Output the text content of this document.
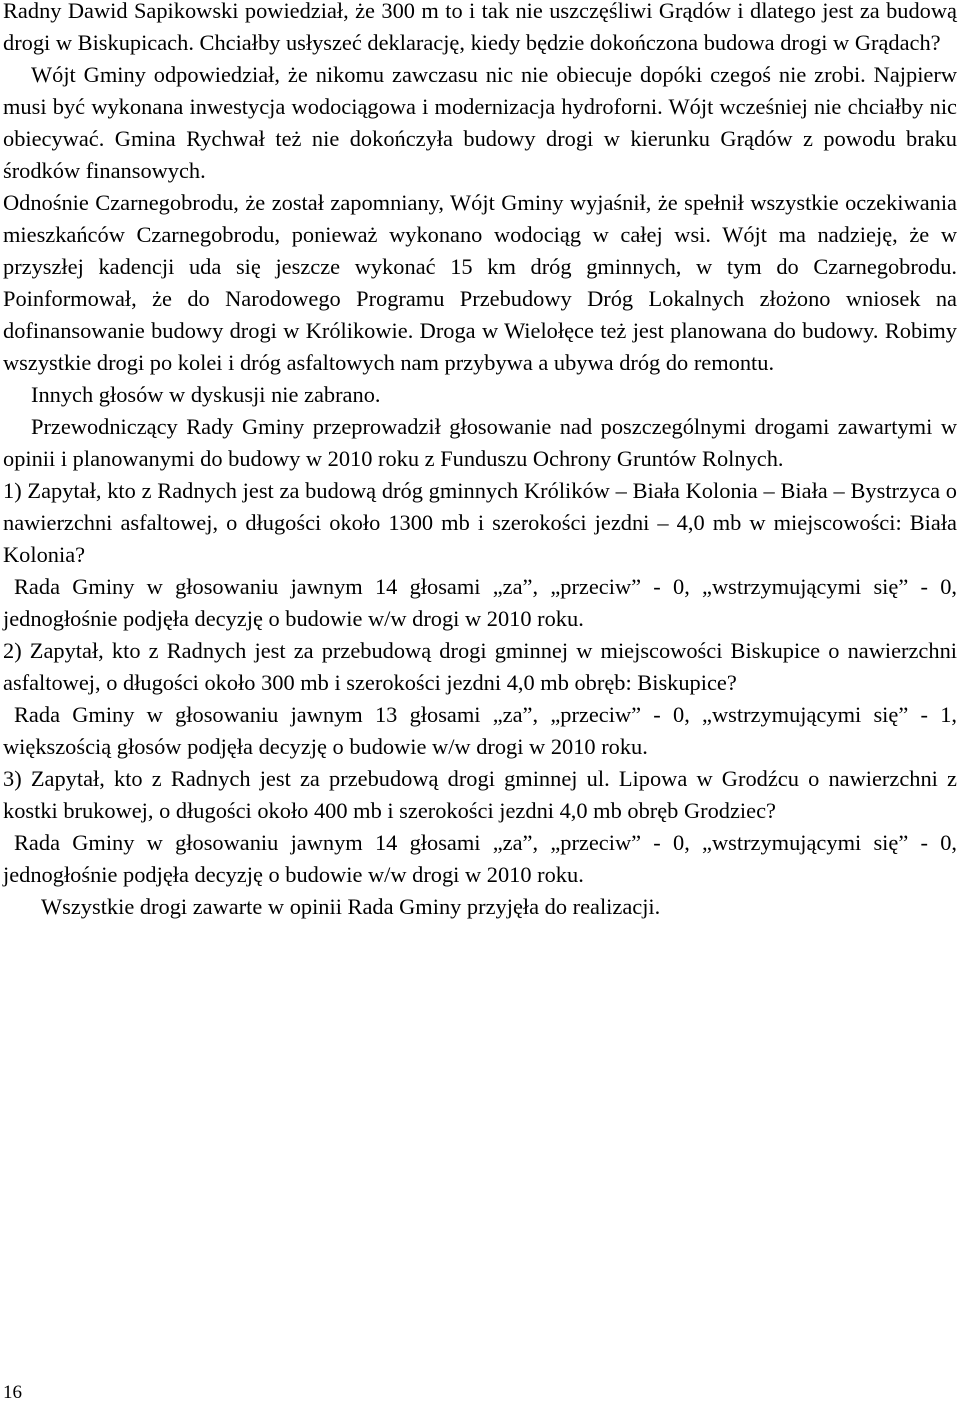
Radny Dawid Sapikowski powiedział, że 300 m to i tak nie uszczęśliwi Grądów i dlatego jest za budową drogi w Biskupicach. Chciałby usłyszeć deklarację, kiedy będzie dokończona budowa drogi w Grądach?

Wójt Gminy odpowiedział, że nikomu zawczasu nic nie obiecuje dopóki czegoś nie zrobi. Najpierw musi być wykonana inwestycja wodociągowa i modernizacja hydroforni. Wójt wcześniej nie chciałby nic obiecywać. Gmina Rychwał też nie dokończyła budowy drogi w kierunku Grądów z powodu braku środków finansowych.

Odnośnie Czarnegobrodu, że został zapomniany, Wójt Gminy wyjaśnił, że spełnił wszystkie oczekiwania mieszkańców Czarnegobrodu, ponieważ wykonano wodociąg w całej wsi. Wójt ma nadzieję, że w przyszłej kadencji uda się jeszcze wykonać 15 km dróg gminnych, w tym do Czarnegobrodu. Poinformował, że do Narodowego Programu Przebudowy Dróg Lokalnych złożono wniosek na dofinansowanie budowy drogi w Królikowie. Droga w Wielołęce też jest planowana do budowy. Robimy wszystkie drogi po kolei i dróg asfaltowych nam przybywa a ubywa dróg do remontu.

Innych głosów w dyskusji nie zabrano.

Przewodniczący Rady Gminy przeprowadził głosowanie nad poszczególnymi drogami zawartymi w opinii i planowanymi do budowy w 2010 roku z Funduszu Ochrony Gruntów Rolnych.

1) Zapytał, kto z Radnych jest za budową dróg gminnych Królików – Biała Kolonia – Biała – Bystrzyca o nawierzchni asfaltowej, o długości około 1300 mb i szerokości jezdni – 4,0 mb w miejscowości: Biała Kolonia?

Rada Gminy w głosowaniu jawnym 14 głosami „za”, „przeciw” - 0, „wstrzymującymi się” - 0, jednogłośnie podjęła decyzję o budowie w/w drogi w 2010 roku.

2) Zapytał, kto z Radnych jest za przebudową drogi gminnej w miejscowości Biskupice o nawierzchni asfaltowej, o długości około 300 mb i szerokości jezdni 4,0 mb obręb: Biskupice?

Rada Gminy w głosowaniu jawnym 13 głosami „za”, „przeciw” - 0, „wstrzymującymi się” - 1, większością głosów podjęła decyzję o budowie w/w drogi w 2010 roku.

3) Zapytał, kto z Radnych jest za przebudową drogi gminnej ul. Lipowa w Grodźcu o nawierzchni z kostki brukowej, o długości około 400 mb i szerokości jezdni 4,0 mb obręb Grodziec?

Rada Gminy w głosowaniu jawnym 14 głosami „za”, „przeciw” - 0, „wstrzymującymi się” - 0, jednogłośnie podjęła decyzję o budowie w/w drogi w 2010 roku.

Wszystkie drogi zawarte w opinii Rada Gminy przyjęła do realizacji.

16
